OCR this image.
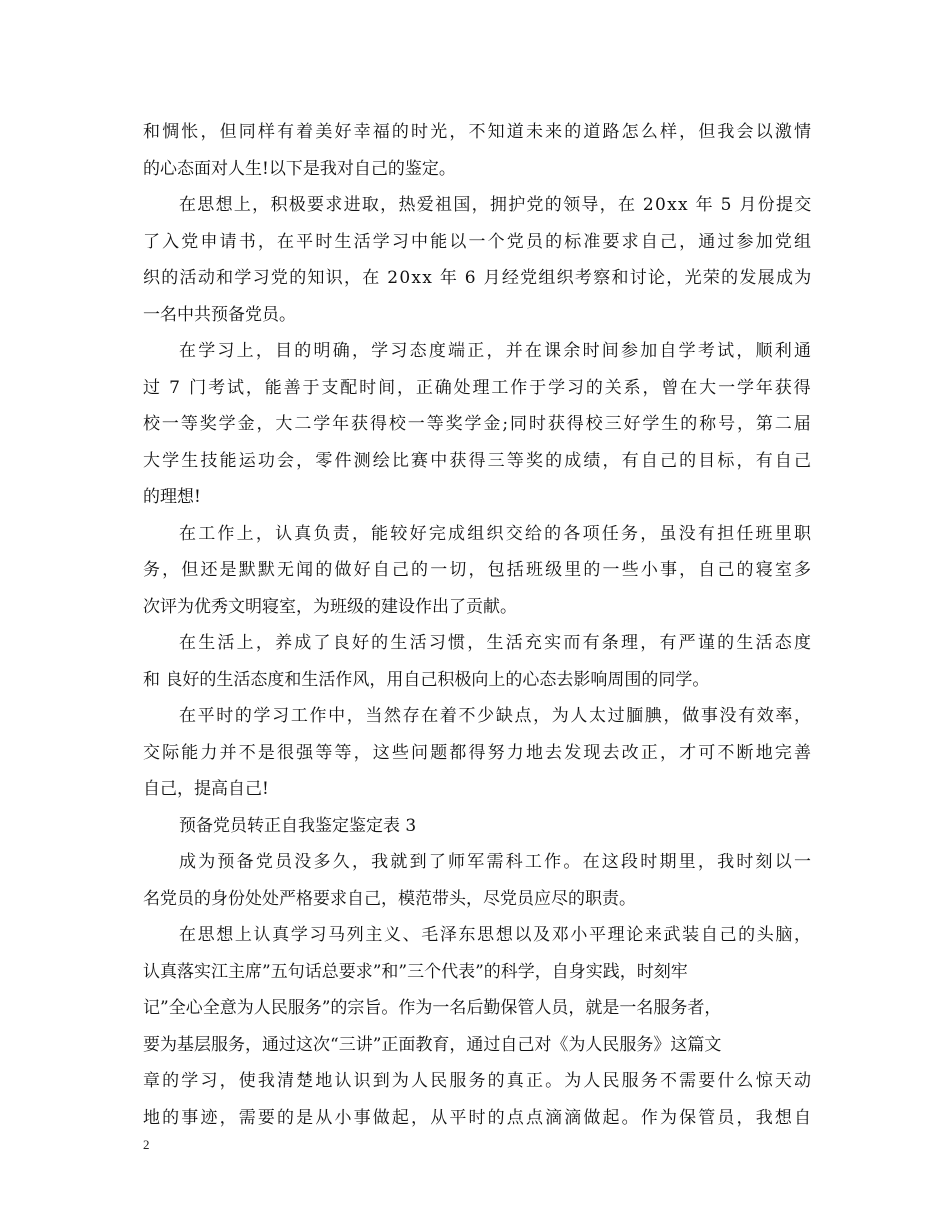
和惆怅，但同样有着美好幸福的时光，不知道未来的道路怎么样，但我会以激情
的心态面对人生!以下是我对自己的鉴定。
在思想上，积极要求进取，热爱祖国，拥护党的领导，在 20xx 年 5 月份提交
了入党申请书，在平时生活学习中能以一个党员的标准要求自己，通过参加党组
织的活动和学习党的知识，在 20xx 年 6 月经党组织考察和讨论，光荣的发展成为
一名中共预备党员。
在学习上，目的明确，学习态度端正，并在课余时间参加自学考试，顺利通
过 7 门考试，能善于支配时间，正确处理工作于学习的关系，曾在大一学年获得
校一等奖学金，大二学年获得校一等奖学金;同时获得校三好学生的称号，第二届
大学生技能运功会，零件测绘比赛中获得三等奖的成绩，有自己的目标，有自己
的理想!
在工作上，认真负责，能较好完成组织交给的各项任务，虽没有担任班里职
务，但还是默默无闻的做好自己的一切，包括班级里的一些小事，自己的寝室多
次评为优秀文明寝室，为班级的建设作出了贡献。
在生活上，养成了良好的生活习惯，生活充实而有条理，有严谨的生活态度
和 良好的生活态度和生活作风，用自己积极向上的心态去影响周围的同学。
在平时的学习工作中，当然存在着不少缺点，为人太过腼腆，做事没有效率，
交际能力并不是很强等等，这些问题都得努力地去发现去改正，才可不断地完善
自己，提高自己!
预备党员转正自我鉴定鉴定表 3
成为预备党员没多久，我就到了师军需科工作。在这段时期里，我时刻以一
名党员的身份处处严格要求自己，模范带头，尽党员应尽的职责。
在思想上认真学习马列主义、毛泽东思想以及邓小平理论来武装自己的头脑，
认真落实江主席”五句话总要求”和”三个代表”的科学，自身实践，时刻牢
记”全心全意为人民服务”的宗旨。作为一名后勤保管人员，就是一名服务者，
要为基层服务，通过这次“三讲”正面教育，通过自己对《为人民服务》这篇文
章的学习，使我清楚地认识到为人民服务的真正。为人民服务不需要什么惊天动
地的事迹，需要的是从小事做起，从平时的点点滴滴做起。作为保管员，我想自
2
